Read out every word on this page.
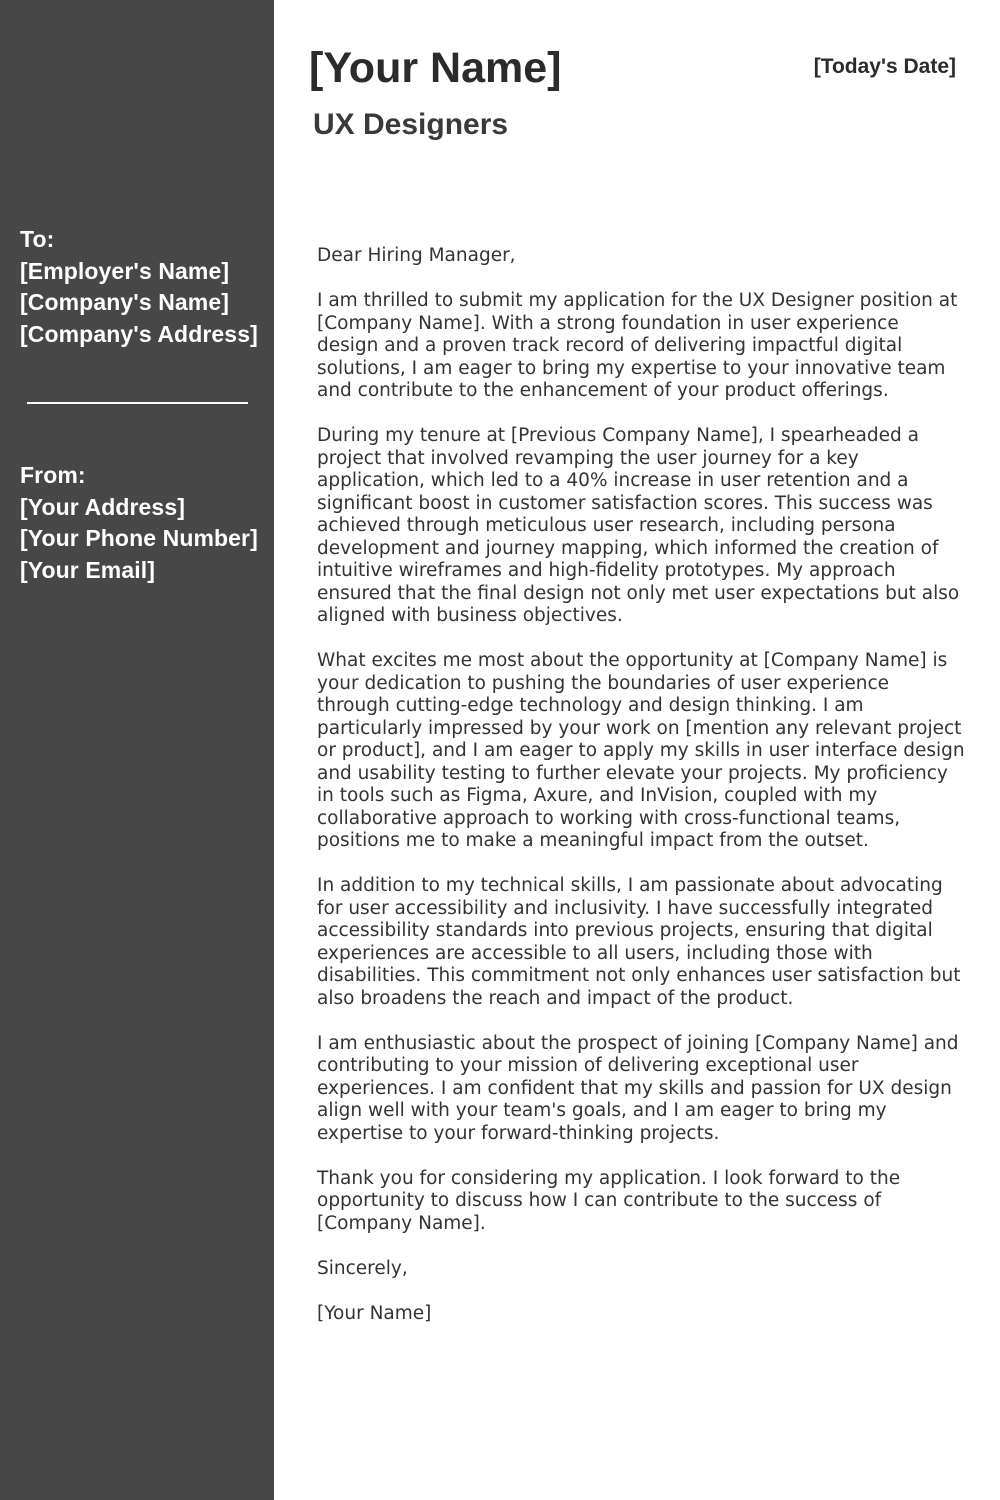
To:
[Employer's Name]
[Company's Name]
[Company's Address]
From:
[Your Address]
[Your Phone Number]
[Your Email]
[Your Name]	[Today's Date]
UX Designers

Dear Hiring Manager,

I am thrilled to submit my application for the UX Designer position at [Company Name]. With a strong foundation in user experience design and a proven track record of delivering impactful digital solutions, I am eager to bring my expertise to your innovative team and contribute to the enhancement of your product offerings.

During my tenure at [Previous Company Name], I spearheaded a project that involved revamping the user journey for a key application, which led to a 40% increase in user retention and a significant boost in customer satisfaction scores. This success was achieved through meticulous user research, including persona development and journey mapping, which informed the creation of intuitive wireframes and high-fidelity prototypes. My approach ensured that the final design not only met user expectations but also aligned with business objectives.

What excites me most about the opportunity at [Company Name] is your dedication to pushing the boundaries of user experience through cutting-edge technology and design thinking. I am particularly impressed by your work on [mention any relevant project or product], and I am eager to apply my skills in user interface design and usability testing to further elevate your projects. My proficiency in tools such as Figma, Axure, and InVision, coupled with my collaborative approach to working with cross-functional teams, positions me to make a meaningful impact from the outset.

In addition to my technical skills, I am passionate about advocating for user accessibility and inclusivity. I have successfully integrated accessibility standards into previous projects, ensuring that digital experiences are accessible to all users, including those with disabilities. This commitment not only enhances user satisfaction but also broadens the reach and impact of the product.

I am enthusiastic about the prospect of joining [Company Name] and contributing to your mission of delivering exceptional user experiences. I am confident that my skills and passion for UX design align well with your team's goals, and I am eager to bring my expertise to your forward-thinking projects.

Thank you for considering my application. I look forward to the opportunity to discuss how I can contribute to the success of [Company Name].

Sincerely,

[Your Name]
